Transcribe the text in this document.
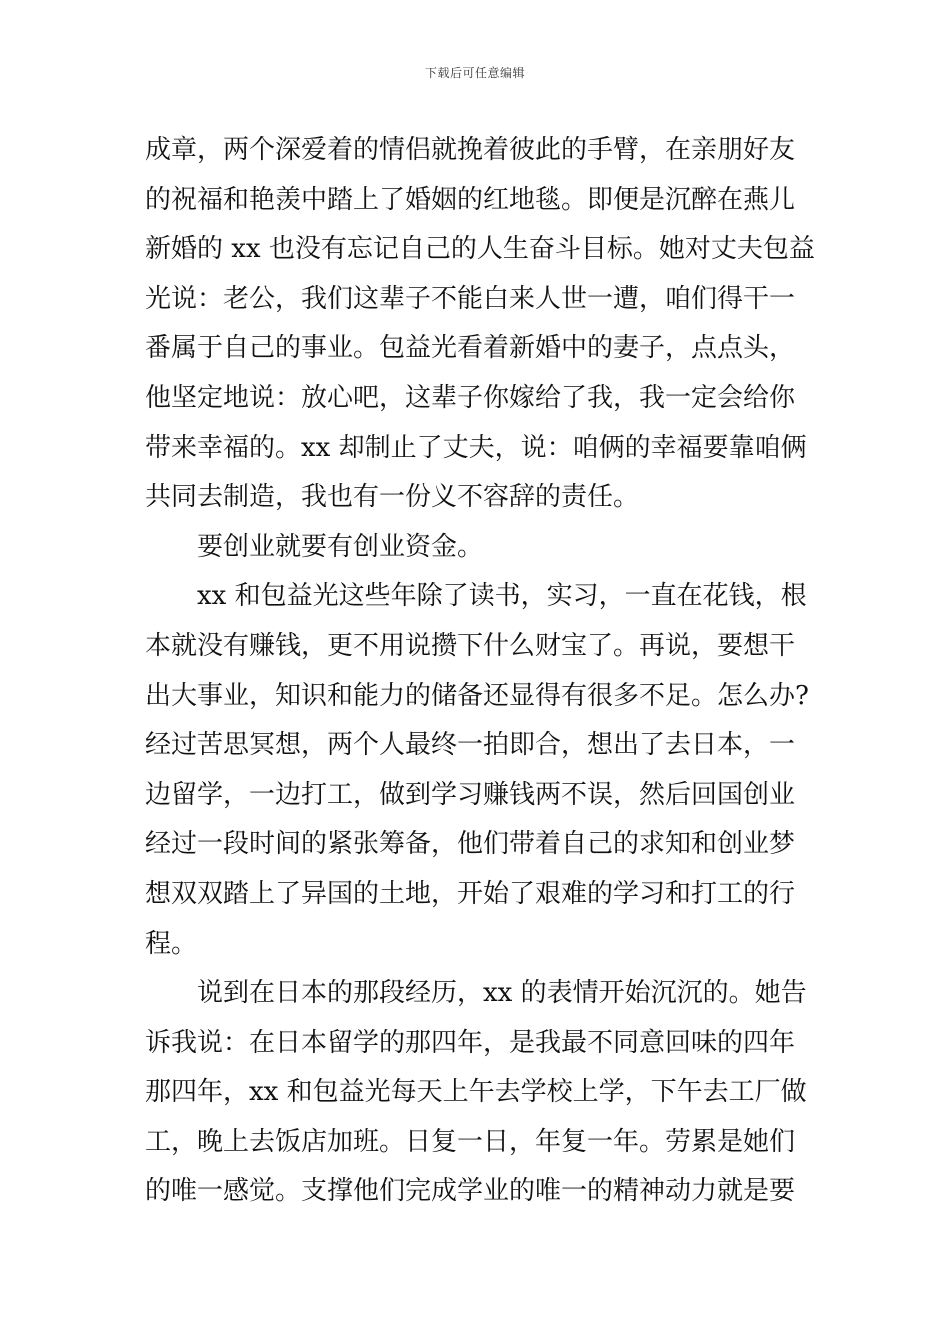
下载后可任意编辑
成章，两个深爱着的情侣就挽着彼此的手臂，在亲朋好友
的祝福和艳羡中踏上了婚姻的红地毯。即便是沉醉在燕儿
新婚的 xx 也没有忘记自己的人生奋斗目标。她对丈夫包益
光说：老公，我们这辈子不能白来人世一遭，咱们得干一
番属于自己的事业。包益光看着新婚中的妻子，点点头，
他坚定地说：放心吧，这辈子你嫁给了我，我一定会给你
带来幸福的。xx 却制止了丈夫，说：咱俩的幸福要靠咱俩
共同去制造，我也有一份义不容辞的责任。
要创业就要有创业资金。
xx 和包益光这些年除了读书，实习，一直在花钱，根
本就没有赚钱，更不用说攒下什么财宝了。再说，要想干
出大事业，知识和能力的储备还显得有很多不足。怎么办?
经过苦思冥想，两个人最终一拍即合，想出了去日本，一
边留学，一边打工，做到学习赚钱两不误，然后回国创业
经过一段时间的紧张筹备，他们带着自己的求知和创业梦
想双双踏上了异国的土地，开始了艰难的学习和打工的行
程。
说到在日本的那段经历，xx 的表情开始沉沉的。她告
诉我说：在日本留学的那四年，是我最不同意回味的四年
那四年，xx 和包益光每天上午去学校上学，下午去工厂做
工，晚上去饭店加班。日复一日，年复一年。劳累是她们
的唯一感觉。支撑他们完成学业的唯一的精神动力就是要
